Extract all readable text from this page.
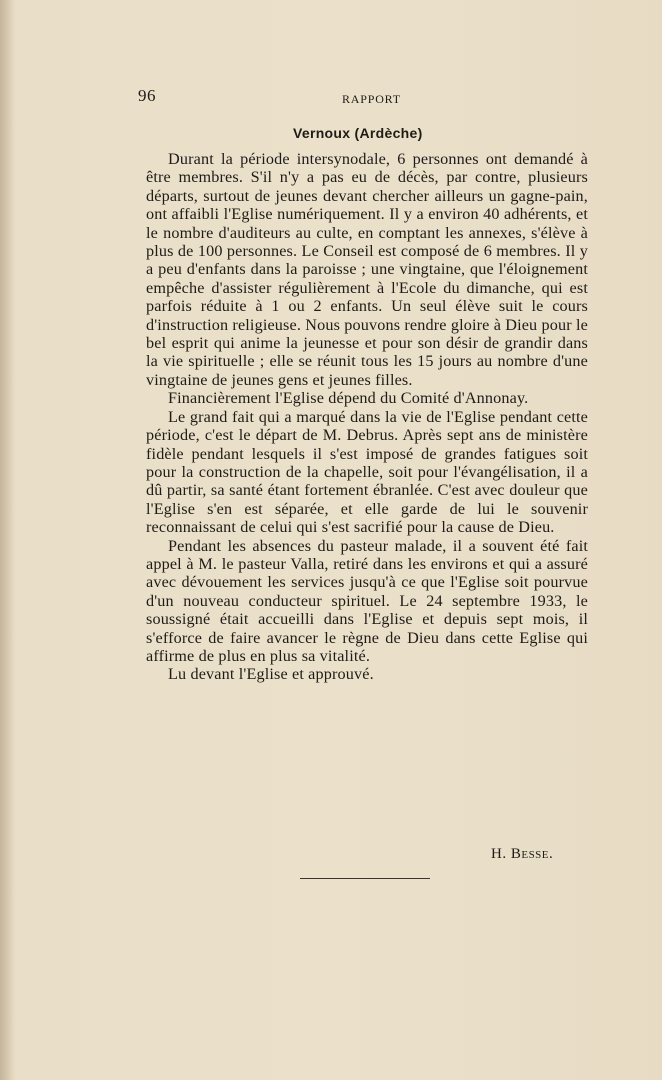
96	RAPPORT
Vernoux (Ardèche)

Durant la période intersynodale, 6 personnes ont demandé à être membres. S'il n'y a pas eu de décès, par contre, plusieurs départs, surtout de jeunes devant chercher ailleurs un gagne-pain, ont affaibli l'Eglise numériquement. Il y a environ 40 adhérents, et le nombre d'auditeurs au culte, en comptant les annexes, s'élève à plus de 100 personnes. Le Conseil est composé de 6 membres. Il y a peu d'enfants dans la paroisse ; une vingtaine, que l'éloignement empêche d'assister régulièrement à l'Ecole du dimanche, qui est parfois réduite à 1 ou 2 enfants. Un seul élève suit le cours d'instruction religieuse. Nous pouvons rendre gloire à Dieu pour le bel esprit qui anime la jeunesse et pour son désir de grandir dans la vie spirituelle ; elle se réunit tous les 15 jours au nombre d'une vingtaine de jeunes gens et jeunes filles.

Financièrement l'Eglise dépend du Comité d'Annonay.

Le grand fait qui a marqué dans la vie de l'Eglise pendant cette période, c'est le départ de M. Debrus. Après sept ans de ministère fidèle pendant lesquels il s'est imposé de grandes fatigues soit pour la construction de la chapelle, soit pour l'évangélisation, il a dû partir, sa santé étant fortement ébranlée. C'est avec douleur que l'Eglise s'en est séparée, et elle garde de lui le souvenir reconnaissant de celui qui s'est sacrifié pour la cause de Dieu.

Pendant les absences du pasteur malade, il a souvent été fait appel à M. le pasteur Valla, retiré dans les environs et qui a assuré avec dévouement les services jusqu'à ce que l'Eglise soit pourvue d'un nouveau conducteur spirituel. Le 24 septembre 1933, le soussigné était accueilli dans l'Eglise et depuis sept mois, il s'efforce de faire avancer le règne de Dieu dans cette Eglise qui affirme de plus en plus sa vitalité.

Lu devant l'Eglise et approuvé.

H. Besse.
